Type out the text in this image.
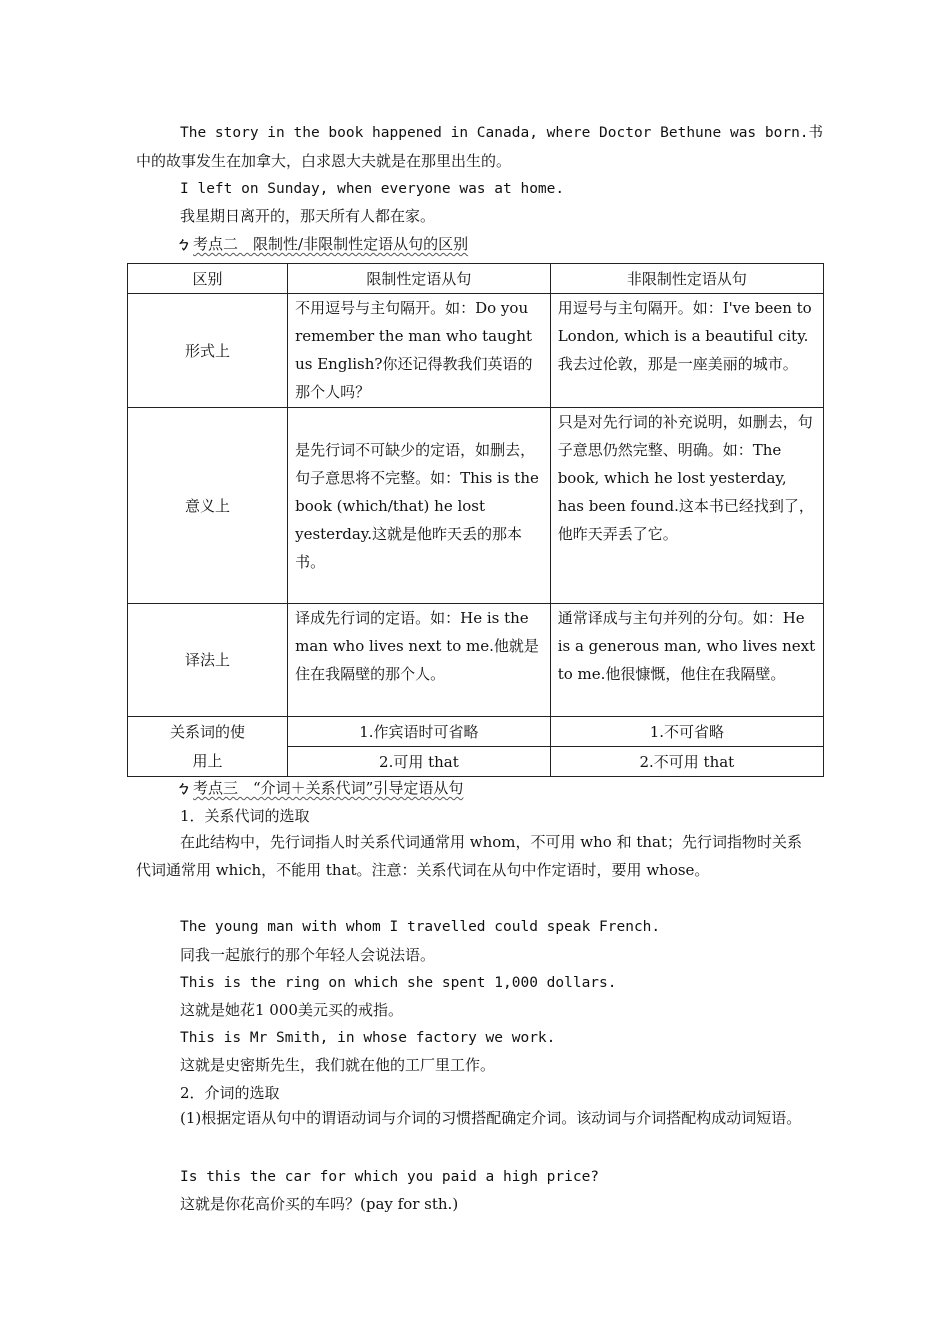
The story in the book happened in Canada, where Doctor Bethune was born.书
中的故事发生在加拿大，白求恩大夫就是在那里出生的。
I left on Sunday, when everyone was at home.
我星期日离开的，那天所有人都在家。
ㄅ 考点二　限制性/非限制性定语从句的区别
区别	限制性定语从句	非限制性定语从句
形式上	不用逗号与主句隔开。如：Do you remember the man who taught us English?你还记得教我们英语的那个人吗？	用逗号与主句隔开。如：I've been to London, which is a beautiful city.我去过伦敦，那是一座美丽的城市。

意义上	是先行词不可缺少的定语，如删去，句子意思将不完整。如：This is the book (which/that) he lost yesterday.这就是他昨天丢的那本书。	只是对先行词的补充说明，如删去，句子意思仍然完整、明确。如：The book, which he lost yesterday, has been found.这本书已经找到了，他昨天弄丢了它。

译法上	译成先行词的定语。如：He is the man who lives next to me.他就是住在我隔壁的那个人。	通常译成与主句并列的分句。如：He is a generous man, who lives next to me.他很慷慨，他住在我隔壁。

关系词的使用上	1.作宾语时可省略	1.不可省略
	2.可用 that	2.不可用 that
ㄅ 考点三　“介词＋关系代词”引导定语从句
1．关系代词的选取
在此结构中，先行词指人时关系代词通常用 whom，不可用 who 和 that；先行词指物时关系代词通常用 which，不能用 that。注意：关系代词在从句中作定语时，要用 whose。
The young man with whom I travelled could speak French.
同我一起旅行的那个年轻人会说法语。
This is the ring on which she spent 1,000 dollars.
这就是她花1 000美元买的戒指。
This is Mr Smith, in whose factory we work.
这就是史密斯先生，我们就在他的工厂里工作。
2．介词的选取
(1)根据定语从句中的谓语动词与介词的习惯搭配确定介词。该动词与介词搭配构成动词短语。
Is this the car for which you paid a high price?
这就是你花高价买的车吗？(pay for sth.)
